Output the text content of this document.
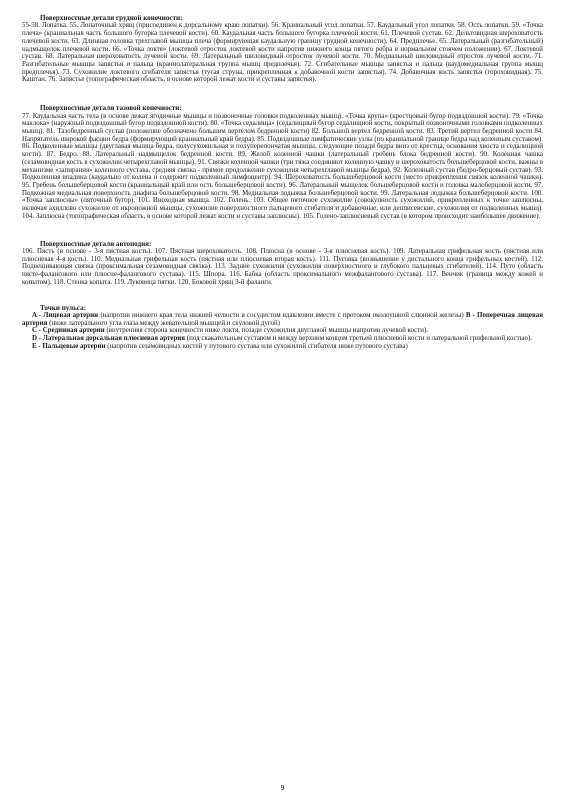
Поверхностные детали грудной конечности:

55-58. Лопатка. 55. Лопаточный хрящ (присоединен к дорсальному краю лопатки). 56. Краниальный угол лопатки. 57. Каудальный угол лопатки. 58. Ость лопатки. 59. «Точка плеча» (краниальная часть большого бугорка плечевой кости). 60. Каудальная часть большого бугорка плечевой кости. 61. Плечевой сустав. 62. Дельтовидная шероховатость плечевой кости. 63. Длинная головка трехглавой мышцы плеча (формирующая каудальную границу грудной конечности). 64. Предплечье. 65. Латеральный (разгибательный) надмыщелок плечевой кости. 66. «Точка локтя» (локтевой отросток локтевой кости напротив нижнего конца пятого ребра в нормальном стоячем положении). 67. Локтевой сустав. 68. Латеральная шероховатость лучевой кости. 69. Латеральный шиловидный отросток лучевой кости. 70. Медиальный шиловидный отросток лучевой кости. 71. Разгибательные мышцы запястья и пальца (краниолатеральная группа мышц предплечья). 72. Сгибательные мышцы запястья и пальца (каудомедиальная группа мышц предплечья). 73. Сухожилие локтевого сгибателя запястья (тугая струна, прикрепленная к добавочной кости запястья). 74. Добавочная кость запястья (гороховидная). 75. Каштан. 76. Запястье (топографическая область, в основе которой лежат кости и суставы запястья).

Поверхностные детали тазовой конечности:

77. Каудальная часть тела (в основе лежат ягодичные мышцы и позвоночные головки подколенных мышц). «Точка крупа» (крестцовый бугор подвздошной кости). 79. «Точка маклока» (наружный подвздошный бугор подвздошной кости). 80. «Точка седалища» (седалищный бугор седалищной кости, покрытый позвоночными головками подколенных мышц). 81. Тазобедренный сустав (положение обозначено большим вертелом бедренной кости) 82. Большой вертел бедренной кости. 83. Третий вертел бедренной кости 84. Напрягатель широкой фасции бедра (формирующий краниальный край бедра). 85. Подвздошные лимфатические узлы (по краниальной границе бедра над коленным суставом). 86. Подколенные мышцы (двуглавая мышца бедра, полусухожильная и полуперепончатая мышцы, следующие позади бедра вниз от крестца, основания хвоста и седалищной кости). 87. Бедро. 88. Латеральный надмыщелок бедренной кости. 89. Желоб коленной чашки (латеральный гребень блока бедренной кости). 90. Коленная чашка (сезамовидная кость в сухожилии четырехглавой мышцы). 91. Связки коленной чашки (три тяжа соединяют коленную чашку и шероховатость большеберцовой кости, важны в механизме «запирания» коленного сустава, средняя связка - прямое продолжение сухожилия четырехглавой мышцы бедра). 92. Коленный сустав (бедро-берцовый сустав). 93. Подколенная впадина (каудально от колена и содержит подколенный лимфоцентр). 94. Шероховатость большеберцовой кости (место прикрепления связок коленной чашки). 95. Гребень большеберцовой кости (краниальный край или ость большеберцовой кости). 96. Латеральный мыщелок большеберцовой кости и головка малоберцовой кости. 97. Подкожная медиальная поверхность диафиза большеберцовой кости. 98. Медиальная лодыжка большеберцовой кости. 99. Латеральная лодыжка большеберцовой кости. 100. «Точка заплюсны» (пяточный бугор). 101. Иноходная мышца. 102. Голень. 103. Общее пяточное сухожилие (совокупность сухожилий, прикрепленных к точке заплюсны, включая ахиллово сухожилие от икроножной мышцы, сухожилие поверхностного пальцевого сгибателя и добавочные, или депписевские, сухожилия от подколенных мышц). 104. Заплюсна (топографическая область, в основе которой лежат кости и суставы заплюсны). 105. Голено-заплюсневый сустав (в котором происходит наибольшее движение).

Поверхностные детали автоподия:

106. Пясть (в основе - 3-я пястная кость). 107. Пястная шероховатость. 108. Плюсна (в основе - 3-я плюсневая кость). 109. Латеральная грифельная кость (пястная или плюсневая 4-я кость). 110. Медиальная грифельная кость (пястная или плюсневая вторая кость). 111. Пуговка (возвышение у дистального конца грифельных костей). 112. Подвешивающая связка (проксимальная сезамовидная связка). 113. Задние сухожилия (сухожилия поверхностного и глубокого пальцевых сгибателей). 114. Путо (область пясте-фалангового или плюсне-фалангового сустава). 115. Шпора. 116. Бабка (область проксимального межфалангового сустава). 117. Венчик (граница между кожей и копытом). 118. Стенка копыта. 119. Луковица пятки. 120. Боковой хрящ 3-й фаланги.

Точки пульса:

A - Лицевая артерии (напротив нижнего края тела нижней челюсти в сосудистом вдавлении вместе с протоком околоушной слюнной железы) B - Поперечная лицевая артерия (ниже латерального угла глаза между жевательной мышцей и скуловой дугой)

C - Срединная артерии (внутренняя сторона конечности ниже локтя, позади сухожилия двуглавой мышцы напротив лучевой кости).

D - Латеральная дорсальная плюсневая артерия (под скакательным суставом и между верхним концом третьей плюсневой кости и латеральной грифельной костью).

E - Пальцевые артерии (напротив сезамовидных костей у путового сустава или сухожилий сгибателя ниже путового сустава)

9
